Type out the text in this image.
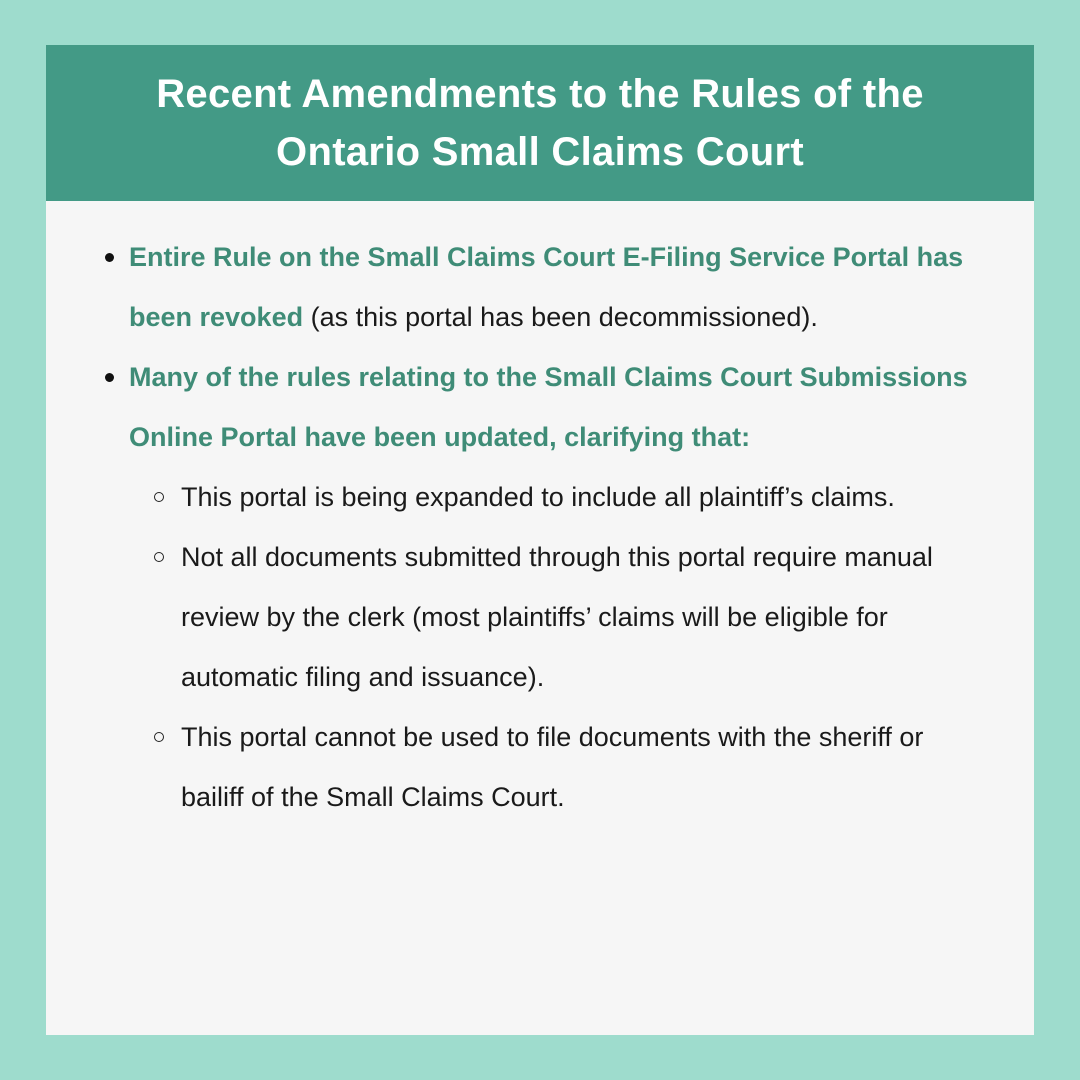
Recent Amendments to the Rules of the
Ontario Small Claims Court
Entire Rule on the Small Claims Court E-Filing Service Portal has been revoked (as this portal has been decommissioned).
Many of the rules relating to the Small Claims Court Submissions Online Portal have been updated, clarifying that:
This portal is being expanded to include all plaintiff’s claims.
Not all documents submitted through this portal require manual review by the clerk (most plaintiffs’ claims will be eligible for automatic filing and issuance).
This portal cannot be used to file documents with the sheriff or bailiff of the Small Claims Court.
